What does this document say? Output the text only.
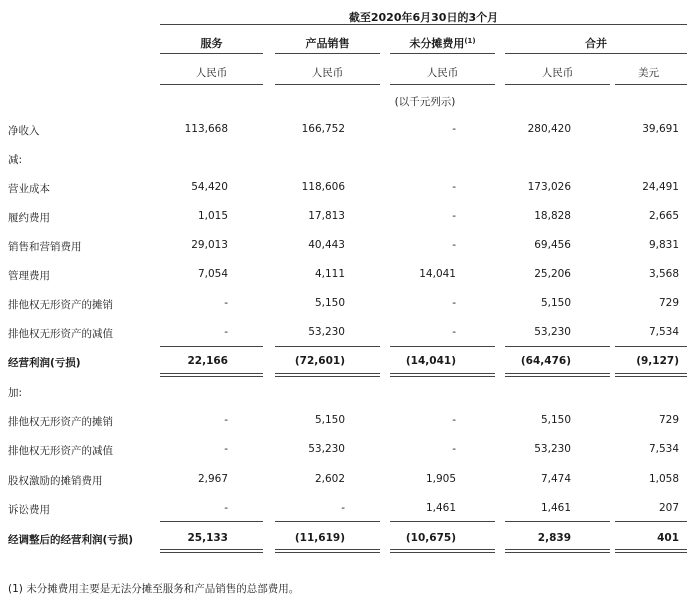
截至2020年6月30日的3个月
服务	产品销售	未分摊费用$^{(1)}$	合并
人民币	人民币	人民币	人民币	美元
(以千元列示)
净收入	113,668	166,752	-	280,420	39,691
减:
营业成本	54,420	118,606	-	173,026	24,491
履约费用	1,015	17,813	-	18,828	2,665
销售和营销费用	29,013	40,443	-	69,456	9,831
管理费用	7,054	4,111	14,041	25,206	3,568
排他权无形资产的摊销	-	5,150	-	5,150	729
排他权无形资产的减值	-	53,230	-	53,230	7,534
经营利润(亏损)	22,166	(72,601)	(14,041)	(64,476)	(9,127)
加:
排他权无形资产的摊销	-	5,150	-	5,150	729
排他权无形资产的减值	-	53,230	-	53,230	7,534
股权激励的摊销费用	2,967	2,602	1,905	7,474	1,058
诉讼费用	-	-	1,461	1,461	207
经调整后的经营利润(亏损)	25,133	(11,619)	(10,675)	2,839	401
(1) 未分摊费用主要是无法分摊至服务和产品销售的总部费用。
